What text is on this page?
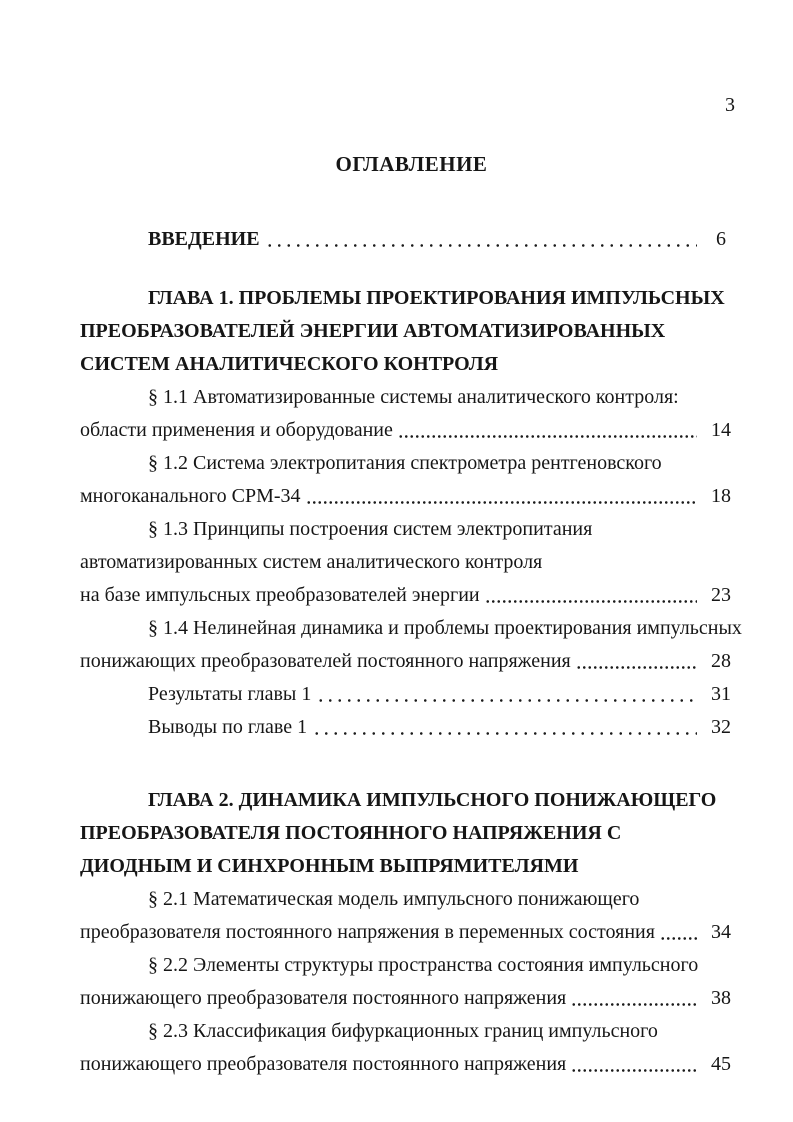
3
ОГЛАВЛЕНИЕ
ВВЕДЕНИЕ	6
ГЛАВА 1. ПРОБЛЕМЫ ПРОЕКТИРОВАНИЯ ИМПУЛЬСНЫХ
ПРЕОБРАЗОВАТЕЛЕЙ ЭНЕРГИИ АВТОМАТИЗИРОВАННЫХ
СИСТЕМ АНАЛИТИЧЕСКОГО КОНТРОЛЯ
§ 1.1 Автоматизированные системы аналитического контроля:
области применения и оборудование	14
§ 1.2 Система электропитания спектрометра рентгеновского
многоканального СРМ-34	18
§ 1.3 Принципы построения систем электропитания
автоматизированных систем аналитического контроля
на базе импульсных преобразователей энергии	23
§ 1.4 Нелинейная динамика и проблемы проектирования импульсных
понижающих преобразователей постоянного напряжения	28
Результаты главы 1	31
Выводы по главе 1	32
ГЛАВА 2. ДИНАМИКА ИМПУЛЬСНОГО ПОНИЖАЮЩЕГО
ПРЕОБРАЗОВАТЕЛЯ ПОСТОЯННОГО НАПРЯЖЕНИЯ С
ДИОДНЫМ И СИНХРОННЫМ ВЫПРЯМИТЕЛЯМИ
§ 2.1 Математическая модель импульсного понижающего
преобразователя постоянного напряжения в переменных состояния	34
§ 2.2 Элементы структуры пространства состояния импульсного
понижающего преобразователя постоянного напряжения	38
§ 2.3 Классификация бифуркационных границ импульсного
понижающего преобразователя постоянного напряжения	45
